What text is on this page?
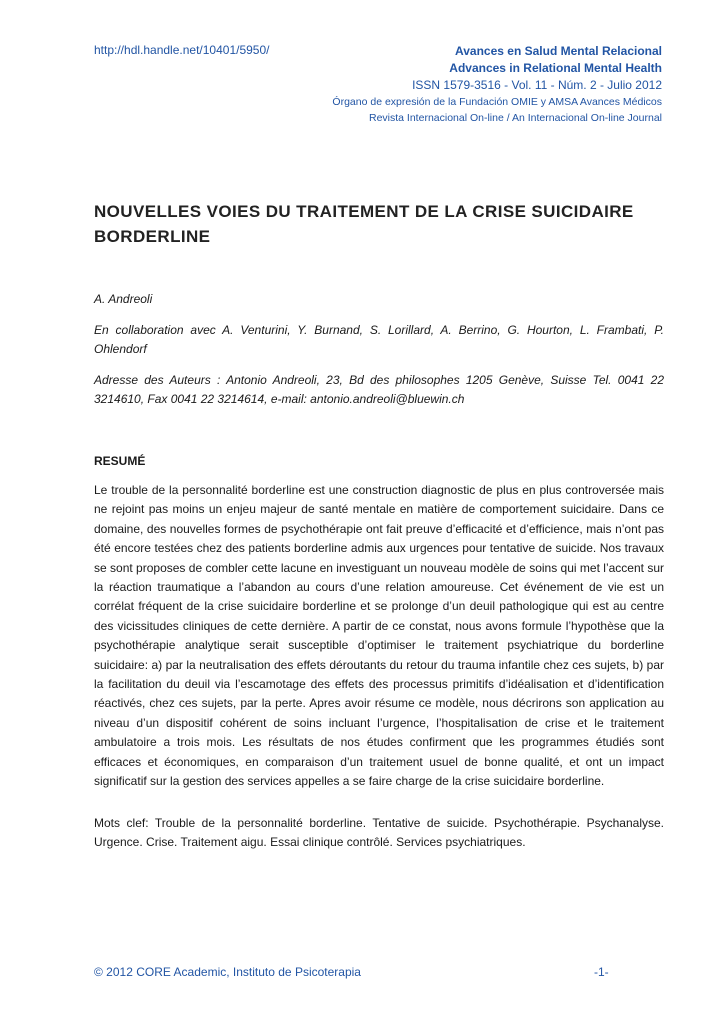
http://hdl.handle.net/10401/5950/	Avances en Salud Mental Relacional
Advances in Relational Mental Health
ISSN 1579-3516 - Vol. 11 - Núm. 2 - Julio 2012
Órgano de expresión de la Fundación OMIE y AMSA Avances Médicos
Revista Internacional On-line / An Internacional On-line Journal
NOUVELLES VOIES DU TRAITEMENT DE LA CRISE SUICIDAIRE BORDERLINE

A. Andreoli

En collaboration avec A. Venturini, Y. Burnand, S. Lorillard, A. Berrino, G. Hourton, L. Frambati, P. Ohlendorf

Adresse des Auteurs : Antonio Andreoli, 23, Bd des philosophes 1205 Genève, Suisse Tel. 0041 22 3214610, Fax 0041 22 3214614, e-mail: antonio.andreoli@bluewin.ch

RESUMÉ

Le trouble de la personnalité borderline est une construction diagnostic de plus en plus controversée mais ne rejoint pas moins un enjeu majeur de santé mentale en matière de comportement suicidaire. Dans ce domaine, des nouvelles formes de psychothérapie ont fait preuve d’efficacité et d’efficience, mais n’ont pas été encore testées chez des patients borderline admis aux urgences pour tentative de suicide. Nos travaux se sont proposes de combler cette lacune en investiguant un nouveau modèle de soins qui met l’accent sur la réaction traumatique a l’abandon au cours d’une relation amoureuse. Cet événement de vie est un corrélat fréquent de la crise suicidaire borderline et se prolonge d’un deuil pathologique qui est au centre des vicissitudes cliniques de cette dernière. A partir de ce constat, nous avons formule l’hypothèse que la psychothérapie analytique serait susceptible d’optimiser le traitement psychiatrique du borderline suicidaire: a) par la neutralisation des effets déroutants du retour du trauma infantile chez ces sujets, b) par la facilitation du deuil via l’escamotage des effets des processus primitifs d’idéalisation et d’identification réactivés, chez ces sujets, par la perte. Apres avoir résume ce modèle, nous décrirons son application au niveau d’un dispositif cohérent de soins incluant l’urgence, l’hospitalisation de crise et le traitement ambulatoire a trois mois. Les résultats de nos études confirment que les programmes étudiés sont efficaces et économiques, en comparaison d’un traitement usuel de bonne qualité, et ont un impact significatif sur la gestion des services appelles a se faire charge de la crise suicidaire borderline.

Mots clef: Trouble de la personnalité borderline. Tentative de suicide. Psychothérapie. Psychanalyse. Urgence. Crise. Traitement aigu. Essai clinique contrôlé. Services psychiatriques.

© 2012 CORE Academic, Instituto de Psicoterapia	-1-
